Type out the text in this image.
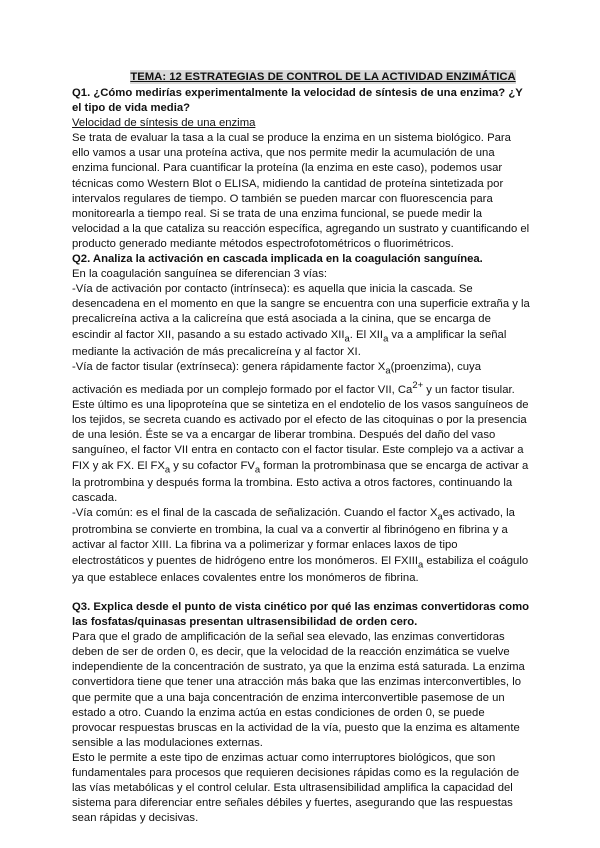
TEMA: 12 ESTRATEGIAS DE CONTROL DE LA ACTIVIDAD ENZIMÁTICA

Q1. ¿Cómo medirías experimentalmente la velocidad de síntesis de una enzima? ¿Y el tipo de vida media?

Velocidad de síntesis de una enzima

Se trata de evaluar la tasa a la cual se produce la enzima en un sistema biológico. Para ello vamos a usar una proteína activa, que nos permite medir la acumulación de una enzima funcional. Para cuantificar la proteína (la enzima en este caso), podemos usar técnicas como Western Blot o ELISA, midiendo la cantidad de proteína sintetizada por intervalos regulares de tiempo. O también se pueden marcar con fluorescencia para monitorearla a tiempo real. Si se trata de una enzima funcional, se puede medir la velocidad a la que cataliza su reacción específica, agregando un sustrato y cuantificando el producto generado mediante métodos espectrofotométricos o fluorimétricos.

Q2. Analiza la activación en cascada implicada en la coagulación sanguínea.

En la coagulación sanguínea se diferencian 3 vías:

-Vía de activación por contacto (intrínseca): es aquella que inicia la cascada. Se desencadena en el momento en que la sangre se encuentra con una superficie extraña y la precalicreína activa a la calicreína que está asociada a la cinina, que se encarga de escindir al factor XII, pasando a su estado activado $XII_a$. El $XII_a$ va a amplificar la señal mediante la activación de más precalicreína y al factor XI.

-Vía de factor tisular (extrínseca): genera rápidamente factor $X_a(proenzima)$, cuya activación es mediada por un complejo formado por el factor VII, $Ca^{2+}$ y un factor tisular. Este último es una lipoproteína que se sintetiza en el endotelio de los vasos sanguíneos de los tejidos, se secreta cuando es activado por el efecto de las citoquinas o por la presencia de una lesión. Éste se va a encargar de liberar trombina. Después del daño del vaso sanguíneo, el factor VII entra en contacto con el factor tisular. Este complejo va a activar a FIX y ak FX. El $FX_a$ y su cofactor $FV_a$ forman la protrombinasa que se encarga de activar a la protrombina y después forma la trombina. Esto activa a otros factores, continuando la cascada.

-Vía común: es el final de la cascada de señalización. Cuando el factor $X_aes$ activado, la protrombina se convierte en trombina, la cual va a convertir al fibrinógeno en fibrina y a activar al factor XIII. La fibrina va a polimerizar y formar enlaces laxos de tipo electrostáticos y puentes de hidrógeno entre los monómeros. El $FXIII_a$ estabiliza el coágulo ya que establece enlaces covalentes entre los monómeros de fibrina.

Q3. Explica desde el punto de vista cinético por qué las enzimas convertidoras como las fosfatas/quinasas presentan ultrasensibilidad de orden cero.

Para que el grado de amplificación de la señal sea elevado, las enzimas convertidoras deben de ser de orden 0, es decir, que la velocidad de la reacción enzimática se vuelve independiente de la concentración de sustrato, ya que la enzima está saturada. La enzima convertidora tiene que tener una atracción más baka que las enzimas interconvertibles, lo que permite que a una baja concentración de enzima interconvertible pasemose de un estado a otro. Cuando la enzima actúa en estas condiciones de orden 0, se puede provocar respuestas bruscas en la actividad de la vía, puesto que la enzima es altamente sensible a las modulaciones externas.

Esto le permite a este tipo de enzimas actuar como interruptores biológicos, que son fundamentales para procesos que requieren decisiones rápidas como es la regulación de las vías metabólicas y el control celular. Esta ultrasensibilidad amplifica la capacidad del sistema para diferenciar entre señales débiles y fuertes, asegurando que las respuestas sean rápidas y decisivas.
